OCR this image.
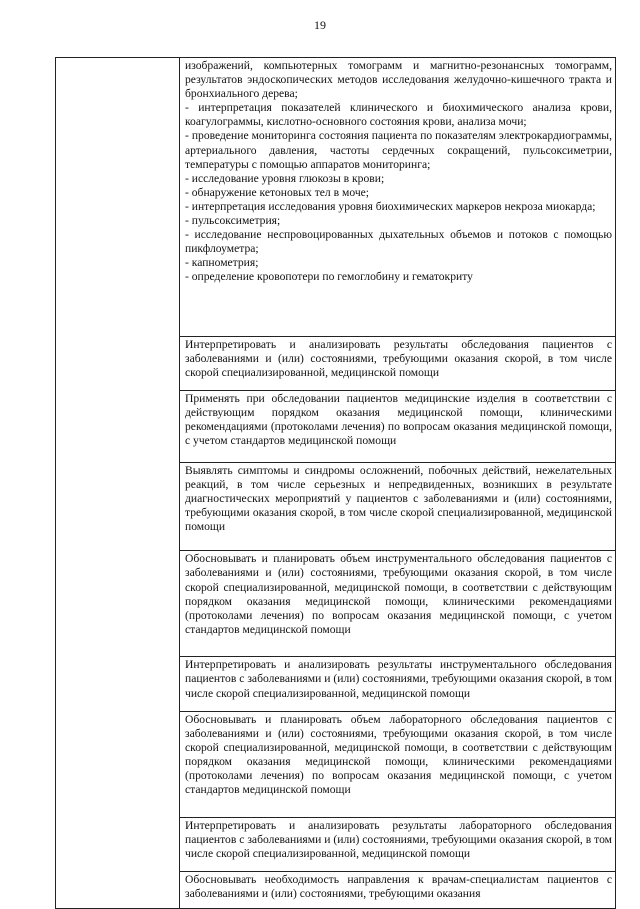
19

изображений, компьютерных томограмм и магнитно-резонансных томограмм, результатов эндоскопических методов исследования желудочно-кишечного тракта и бронхиального дерева;
- интерпретация показателей клинического и биохимического анализа крови, коагулограммы, кислотно-основного состояния крови, анализа мочи;
- проведение мониторинга состояния пациента по показателям электрокардиограммы, артериального давления, частоты сердечных сокращений, пульсоксиметрии, температуры с помощью аппаратов мониторинга;
- исследование уровня глюкозы в крови;
- обнаружение кетоновых тел в моче;
- интерпретация исследования уровня биохимических маркеров некроза миокарда;
- пульсоксиметрия;
- исследование неспровоцированных дыхательных объемов и потоков с помощью пикфлоуметра;
- капнометрия;
- определение кровопотери по гемоглобину и гематокриту

Интерпретировать и анализировать результаты обследования пациентов с заболеваниями и (или) состояниями, требующими оказания скорой, в том числе скорой специализированной, медицинской помощи

Применять при обследовании пациентов медицинские изделия в соответствии с действующим порядком оказания медицинской помощи, клиническими рекомендациями (протоколами лечения) по вопросам оказания медицинской помощи, с учетом стандартов медицинской помощи

Выявлять симптомы и синдромы осложнений, побочных действий, нежелательных реакций, в том числе серьезных и непредвиденных, возникших в результате диагностических мероприятий у пациентов с заболеваниями и (или) состояниями, требующими оказания скорой, в том числе скорой специализированной, медицинской помощи

Обосновывать и планировать объем инструментального обследования пациентов с заболеваниями и (или) состояниями, требующими оказания скорой, в том числе скорой специализированной, медицинской помощи, в соответствии с действующим порядком оказания медицинской помощи, клиническими рекомендациями (протоколами лечения) по вопросам оказания медицинской помощи, с учетом стандартов медицинской помощи

Интерпретировать и анализировать результаты инструментального обследования пациентов с заболеваниями и (или) состояниями, требующими оказания скорой, в том числе скорой специализированной, медицинской помощи

Обосновывать и планировать объем лабораторного обследования пациентов с заболеваниями и (или) состояниями, требующими оказания скорой, в том числе скорой специализированной, медицинской помощи, в соответствии с действующим порядком оказания медицинской помощи, клиническими рекомендациями (протоколами лечения) по вопросам оказания медицинской помощи, с учетом стандартов медицинской помощи

Интерпретировать и анализировать результаты лабораторного обследования пациентов с заболеваниями и (или) состояниями, требующими оказания скорой, в том числе скорой специализированной, медицинской помощи

Обосновывать необходимость направления к врачам-специалистам пациентов с заболеваниями и (или) состояниями, требующими оказания
